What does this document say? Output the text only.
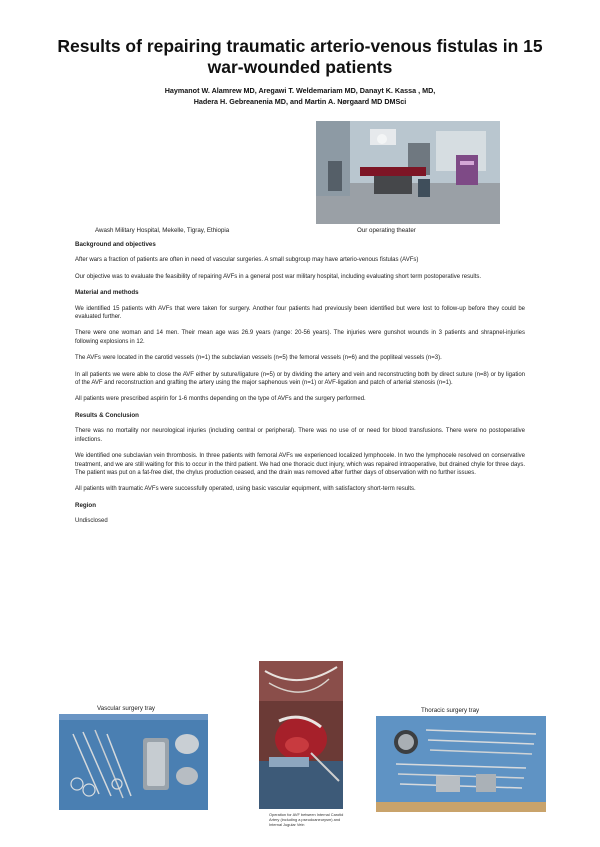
Results of repairing traumatic arterio-venous fistulas in 15
war-wounded patients
Haymanot W. Alamrew MD, Aregawi T. Weldemariam MD, Danayt K. Kassa , MD,
Hadera H. Gebreanenia MD, and Martin A. Nørgaard MD DMSci
Awash Military Hospital, Mekelle, Tigray, Ethiopia	Our operating theater
Background and objectives

After wars a fraction of patients are often in need of vascular surgeries. A small subgroup may have arterio-venous fistulas (AVFs)

Our objective was to evaluate the feasibility of repairing AVFs in a general post war military hospital, including evaluating short term postoperative results.

Material and methods

We identified 15 patients with AVFs that were taken for surgery. Another four patients had previously been identified but were lost to follow-up before they could be evaluated further.

There were one woman and 14 men. Their mean age was 26.9 years (range: 20-56 years). The injuries were gunshot wounds in 3 patients and shrapnel-injuries following explosions in 12.

The AVFs were located in the carotid vessels (n=1) the subclavian vessels (n=5) the femoral vessels (n=6) and the popliteal vessels (n=3).

In all patients we were able to close the AVF either by suture/ligature (n=5) or by dividing the artery and vein and reconstructing both by direct suture (n=8) or by ligation of the AVF and reconstruction and grafting the artery using the major saphenous vein (n=1) or AVF-ligation and patch of arterial stenosis (n=1).

All patients were prescribed aspirin for 1-6 months depending on the type of AVFs and the surgery performed.

Results & Conclusion

There was no mortality nor neurological injuries (including central or peripheral). There was no use of or need for blood transfusions. There were no postoperative infections.

We identified one subclavian vein thrombosis. In three patients with femoral AVFs we experienced localized lymphocele. In two the lymphocele resolved on conservative treatment, and we are still waiting for this to occur in the third patient. We had one thoracic duct injury, which was repaired intraoperative, but drained chyle for three days. The patient was put on a fat-free diet, the chylus production ceased, and the drain was removed after further days of observation with no further issues.

All patients with traumatic AVFs were successfully operated, using basic vascular equipment, with satisfactory short-term results.

Region

Undisclosed

Operation for AVF between Internal Carotid Artery (including a pseudoaneurysm) and Internal Jugular Vein
Vascular surgery tray	Thoracic surgery tray
